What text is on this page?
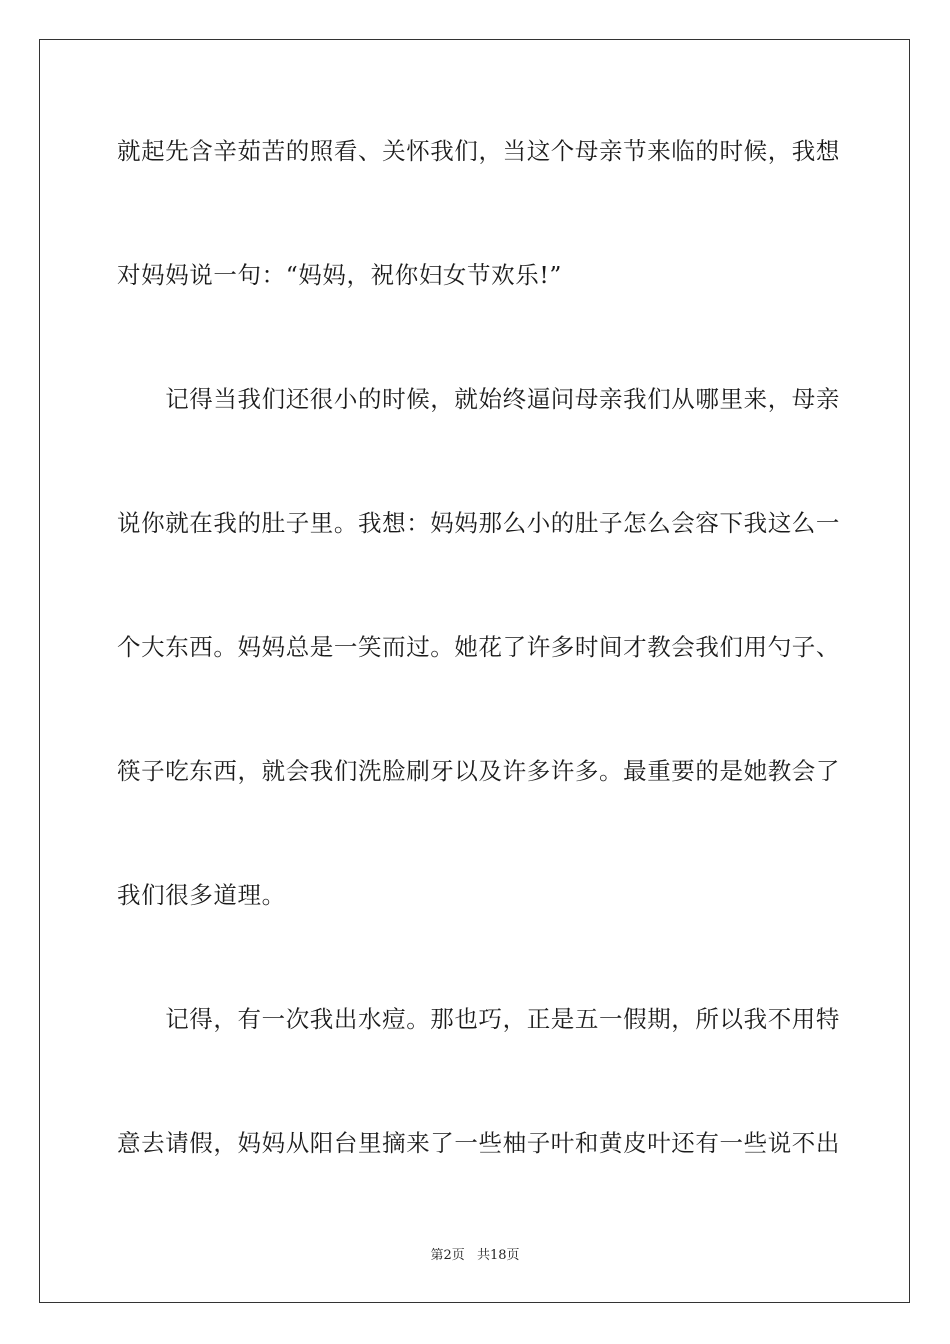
就起先含辛茹苦的照看、关怀我们，当这个母亲节来临的时候，我想
对妈妈说一句：“妈妈，祝你妇女节欢乐!”
　　记得当我们还很小的时候，就始终逼问母亲我们从哪里来，母亲
说你就在我的肚子里。我想：妈妈那么小的肚子怎么会容下我这么一
个大东西。妈妈总是一笑而过。她花了许多时间才教会我们用勺子、
筷子吃东西，就会我们洗脸刷牙以及许多许多。最重要的是她教会了
我们很多道理。
　　记得，有一次我出水痘。那也巧，正是五一假期，所以我不用特
意去请假，妈妈从阳台里摘来了一些柚子叶和黄皮叶还有一些说不出
第2页 共18页
